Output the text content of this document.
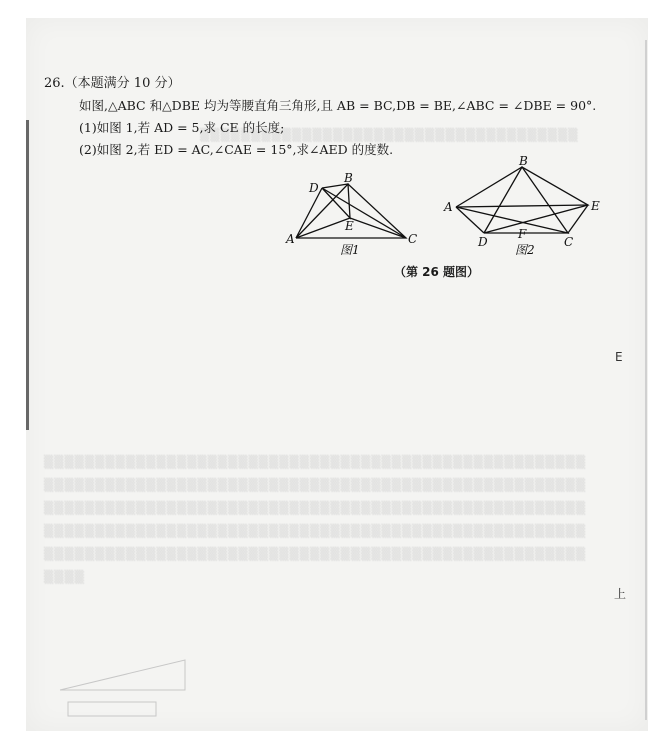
▒▒▒▒▒▒▒▒▒▒▒▒▒▒▒▒▒▒▒▒▒▒▒▒▒▒▒▒▒▒▒▒▒▒▒▒▒
▒▒▒▒▒▒▒▒▒▒▒▒▒▒▒▒▒▒▒▒▒▒▒▒▒▒▒▒▒▒▒▒▒▒▒▒▒▒▒▒▒▒▒▒▒▒▒▒▒▒▒▒▒
▒▒▒▒▒▒▒▒▒▒▒▒▒▒▒▒▒▒▒▒▒▒▒▒▒▒▒▒▒▒▒▒▒▒▒▒▒▒▒▒▒▒▒▒▒▒▒▒▒▒▒▒▒
▒▒▒▒▒▒▒▒▒▒▒▒▒▒▒▒▒▒▒▒▒▒▒▒▒▒▒▒▒▒▒▒▒▒▒▒▒▒▒▒▒▒▒▒▒▒▒▒▒▒▒▒▒
▒▒▒▒▒▒▒▒▒▒▒▒▒▒▒▒▒▒▒▒▒▒▒▒▒▒▒▒▒▒▒▒▒▒▒▒▒▒▒▒▒▒▒▒▒▒▒▒▒▒▒▒▒
▒▒▒▒▒▒▒▒▒▒▒▒▒▒▒▒▒▒▒▒▒▒▒▒▒▒▒▒▒▒▒▒▒▒▒▒▒▒▒▒▒▒▒▒▒▒▒▒▒▒▒▒▒
▒▒▒▒
26.（本题满分 10 分）
如图,△ABC 和△DBE 均为等腰直角三角形,且 AB = BC,DB = BE,∠ABC = ∠DBE = 90°.
(1)如图 1,若 AD = 5,求 CE 的长度;
(2)如图 2,若 ED = AC,∠CAE = 15°,求∠AED 的度数.
A
B
C
D
E
图1
A
B
C
D
E
F
图2
（第 26 题图）
E
上
